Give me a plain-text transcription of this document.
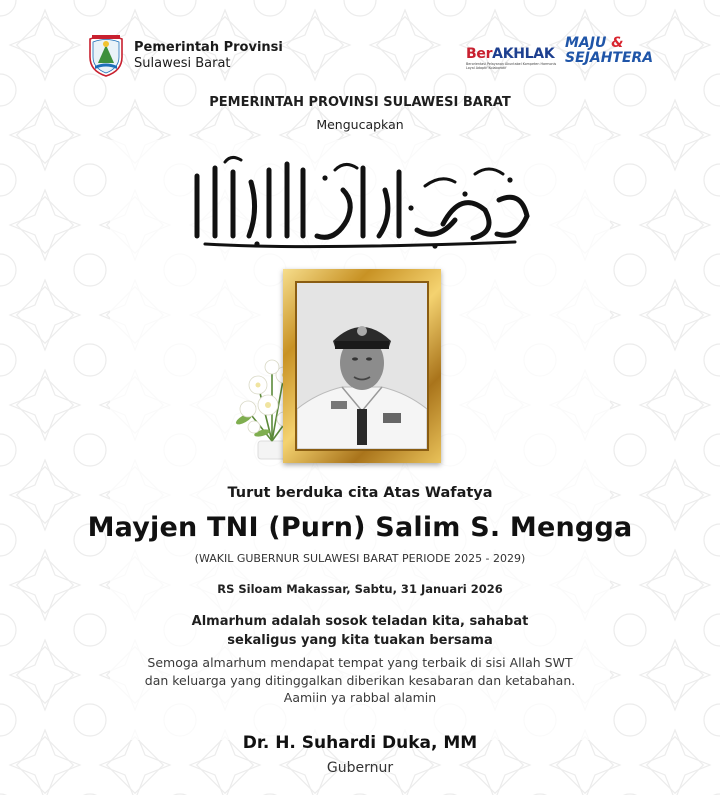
Pemerintah Provinsi
Sulawesi Barat
BerAKHLAK
Berorientasi Pelayanan Akuntabel Kompeten Harmonis Loyal Adaptif Kolaboratif
MAJU &
SEJAHTERA
PEMERINTAH PROVINSI SULAWESI BARAT
Mengucapkan
Turut berduka cita Atas Wafatya
Mayjen TNI (Purn) Salim S. Mengga
(WAKIL GUBERNUR SULAWESI BARAT PERIODE 2025 - 2029)
RS Siloam Makassar, Sabtu, 31 Januari 2026
Almarhum adalah sosok teladan kita, sahabat
sekaligus yang kita tuakan bersama
Semoga almarhum mendapat tempat yang terbaik di sisi Allah SWT
dan keluarga yang ditinggalkan diberikan kesabaran dan ketabahan.
Aamiin ya rabbal alamin
Dr. H. Suhardi Duka, MM
Gubernur
